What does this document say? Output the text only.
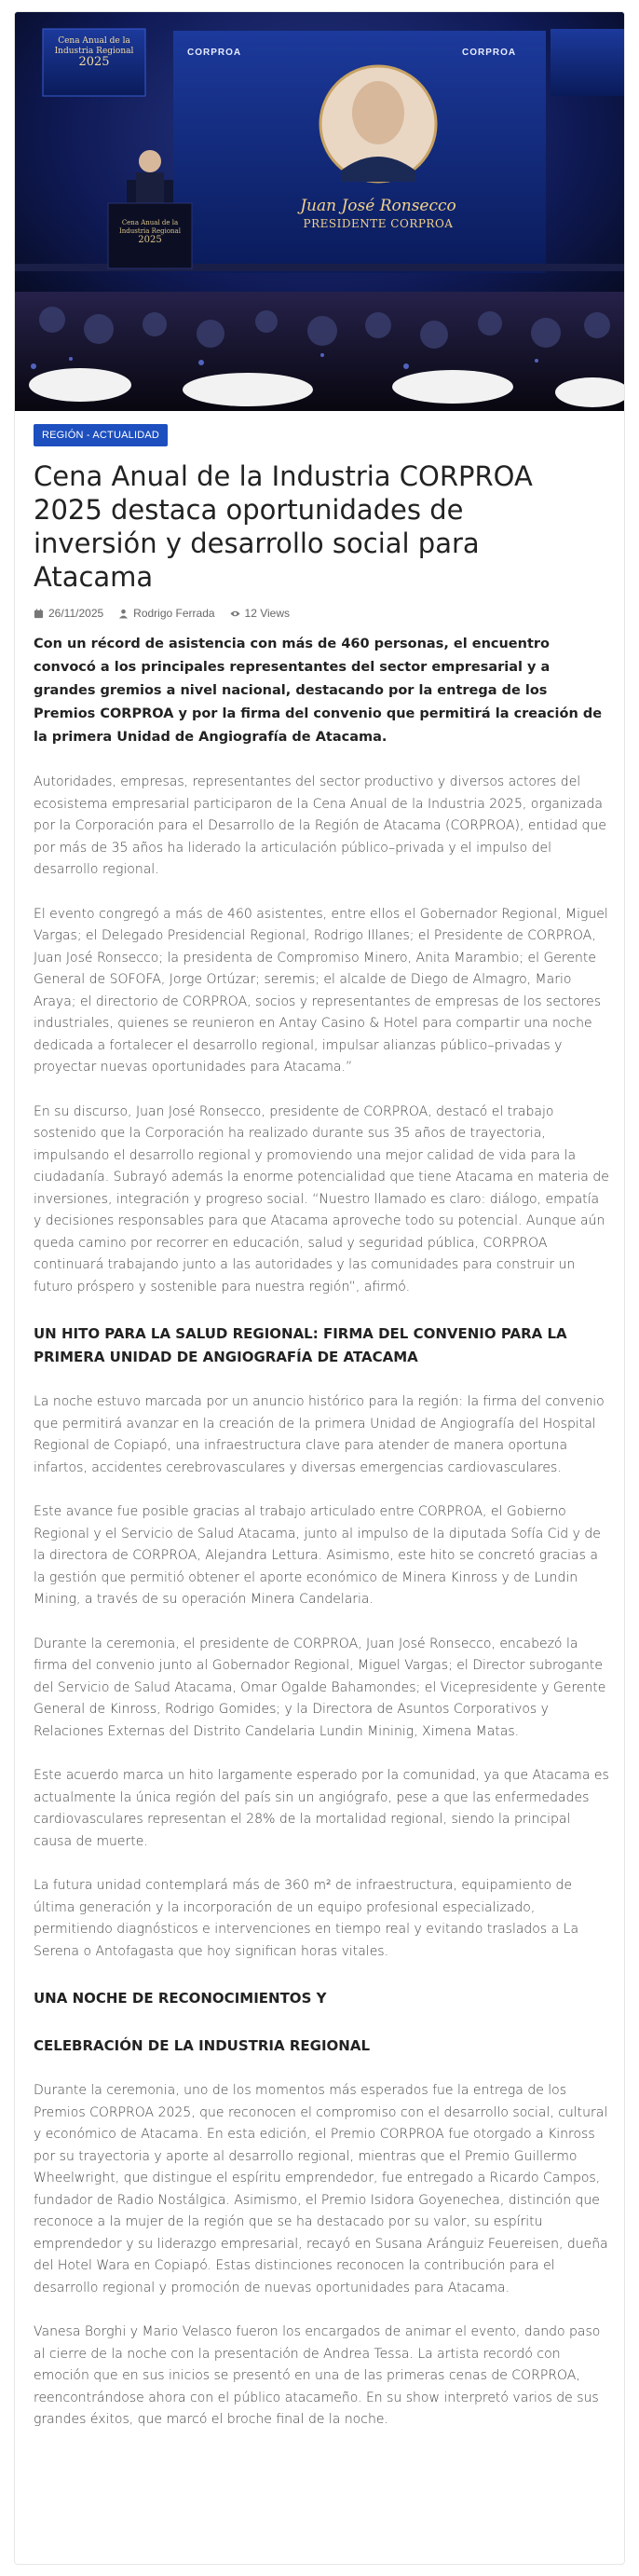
Cena Anual de la
Industria Regional
2025
CORPROA	CORPROA
Juan José Ronsecco
PRESIDENTE CORPROA
Cena Anual de la
Industria Regional
2025
REGIÓN - ACTUALIDAD
Cena Anual de la Industria CORPROA 2025 destaca oportunidades de inversión y desarrollo social para Atacama
26/11/2025	Rodrigo Ferrada	12 Views

Con un récord de asistencia con más de 460 personas, el encuentro convocó a los principales representantes del sector empresarial y a grandes gremios a nivel nacional, destacando por la entrega de los Premios CORPROA y por la firma del convenio que permitirá la creación de la primera Unidad de Angiografía de Atacama.

Autoridades, empresas, representantes del sector productivo y diversos actores del ecosistema empresarial participaron de la Cena Anual de la Industria 2025, organizada por la Corporación para el Desarrollo de la Región de Atacama (CORPROA), entidad que por más de 35 años ha liderado la articulación público–privada y el impulso del desarrollo regional.

El evento congregó a más de 460 asistentes, entre ellos el Gobernador Regional, Miguel Vargas; el Delegado Presidencial Regional, Rodrigo Illanes; el Presidente de CORPROA, Juan José Ronsecco; la presidenta de Compromiso Minero, Anita Marambio; el Gerente General de SOFOFA, Jorge Ortúzar; seremis; el alcalde de Diego de Almagro, Mario Araya; el directorio de CORPROA, socios y representantes de empresas de los sectores industriales, quienes se reunieron en Antay Casino & Hotel para compartir una noche dedicada a fortalecer el desarrollo regional, impulsar alianzas público–privadas y proyectar nuevas oportunidades para Atacama.”

En su discurso, Juan José Ronsecco, presidente de CORPROA, destacó el trabajo sostenido que la Corporación ha realizado durante sus 35 años de trayectoria, impulsando el desarrollo regional y promoviendo una mejor calidad de vida para la ciudadanía. Subrayó además la enorme potencialidad que tiene Atacama en materia de inversiones, integración y progreso social. “Nuestro llamado es claro: diálogo, empatía y decisiones responsables para que Atacama aproveche todo su potencial. Aunque aún queda camino por recorrer en educación, salud y seguridad pública, CORPROA continuará trabajando junto a las autoridades y las comunidades para construir un futuro próspero y sostenible para nuestra región”, afirmó.

UN HITO PARA LA SALUD REGIONAL: FIRMA DEL CONVENIO PARA LA PRIMERA UNIDAD DE ANGIOGRAFÍA DE ATACAMA

La noche estuvo marcada por un anuncio histórico para la región: la firma del convenio que permitirá avanzar en la creación de la primera Unidad de Angiografía del Hospital Regional de Copiapó, una infraestructura clave para atender de manera oportuna infartos, accidentes cerebrovasculares y diversas emergencias cardiovasculares.

Este avance fue posible gracias al trabajo articulado entre CORPROA, el Gobierno Regional y el Servicio de Salud Atacama, junto al impulso de la diputada Sofía Cid y de la directora de CORPROA, Alejandra Lettura. Asimismo, este hito se concretó gracias a la gestión que permitió obtener el aporte económico de Minera Kinross y de Lundin Mining, a través de su operación Minera Candelaria.

Durante la ceremonia, el presidente de CORPROA, Juan José Ronsecco, encabezó la firma del convenio junto al Gobernador Regional, Miguel Vargas; el Director subrogante del Servicio de Salud Atacama, Omar Ogalde Bahamondes; el Vicepresidente y Gerente General de Kinross, Rodrigo Gomides; y la Directora de Asuntos Corporativos y Relaciones Externas del Distrito Candelaria Lundin Mininig, Ximena Matas.

Este acuerdo marca un hito largamente esperado por la comunidad, ya que Atacama es actualmente la única región del país sin un angiógrafo, pese a que las enfermedades cardiovasculares representan el 28% de la mortalidad regional, siendo la principal causa de muerte.

La futura unidad contemplará más de 360 m² de infraestructura, equipamiento de última generación y la incorporación de un equipo profesional especializado, permitiendo diagnósticos e intervenciones en tiempo real y evitando traslados a La Serena o Antofagasta que hoy significan horas vitales.

UNA NOCHE DE RECONOCIMIENTOS Y
CELEBRACIÓN DE LA INDUSTRIA REGIONAL

Durante la ceremonia, uno de los momentos más esperados fue la entrega de los Premios CORPROA 2025, que reconocen el compromiso con el desarrollo social, cultural y económico de Atacama. En esta edición, el Premio CORPROA fue otorgado a Kinross por su trayectoria y aporte al desarrollo regional, mientras que el Premio Guillermo Wheelwright, que distingue el espíritu emprendedor, fue entregado a Ricardo Campos, fundador de Radio Nostálgica. Asimismo, el Premio Isidora Goyenechea, distinción que reconoce a la mujer de la región que se ha destacado por su valor, su espíritu emprendedor y su liderazgo empresarial, recayó en Susana Aránguiz Feuereisen, dueña del Hotel Wara en Copiapó. Estas distinciones reconocen la contribución para el desarrollo regional y promoción de nuevas oportunidades para Atacama.

Vanesa Borghi y Mario Velasco fueron los encargados de animar el evento, dando paso al cierre de la noche con la presentación de Andrea Tessa. La artista recordó con emoción que en sus inicios se presentó en una de las primeras cenas de CORPROA, reencontrándose ahora con el público atacameño. En su show interpretó varios de sus grandes éxitos, que marcó el broche final de la noche.
